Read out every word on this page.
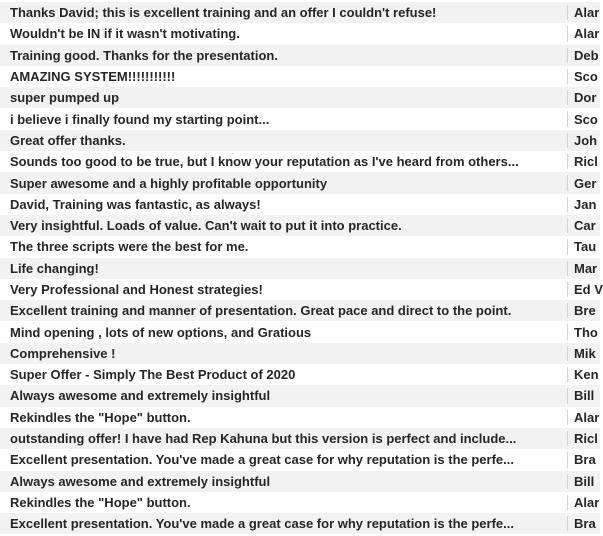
Thanks David; this is excellent training and an offer I couldn't refuse!	Alar
Wouldn't be IN if it wasn't motivating.	Alar
Training good. Thanks for the presentation.	Deb
AMAZING SYSTEM!!!!!!!!!!!	Sco
super pumped up	Dor
i believe i finally found my starting point...	Sco
Great offer thanks.	Joh
Sounds too good to be true, but I know your reputation as I've heard from others...	Ricl
Super awesome and a highly profitable opportunity	Ger
David, Training was fantastic, as always!	Jan
Very insightful. Loads of value. Can't wait to put it into practice.	Car
The three scripts were the best for me.	Tau
Life changing!	Mar
Very Professional and Honest strategies!	Ed V
Excellent training and manner of presentation. Great pace and direct to the point.	Bre
Mind opening , lots of new options, and Gratious	Tho
Comprehensive !	Mik
Super Offer - Simply The Best Product of 2020	Ken
Always awesome and extremely insightful	Bill
Rekindles the "Hope" button.	Alar
outstanding offer! I have had Rep Kahuna but this version is perfect and include...	Ricl
Excellent presentation. You've made a great case for why reputation is the perfe...	Bra
Always awesome and extremely insightful	Bill
Rekindles the "Hope" button.	Alar
Excellent presentation. You've made a great case for why reputation is the perfe...	Bra
